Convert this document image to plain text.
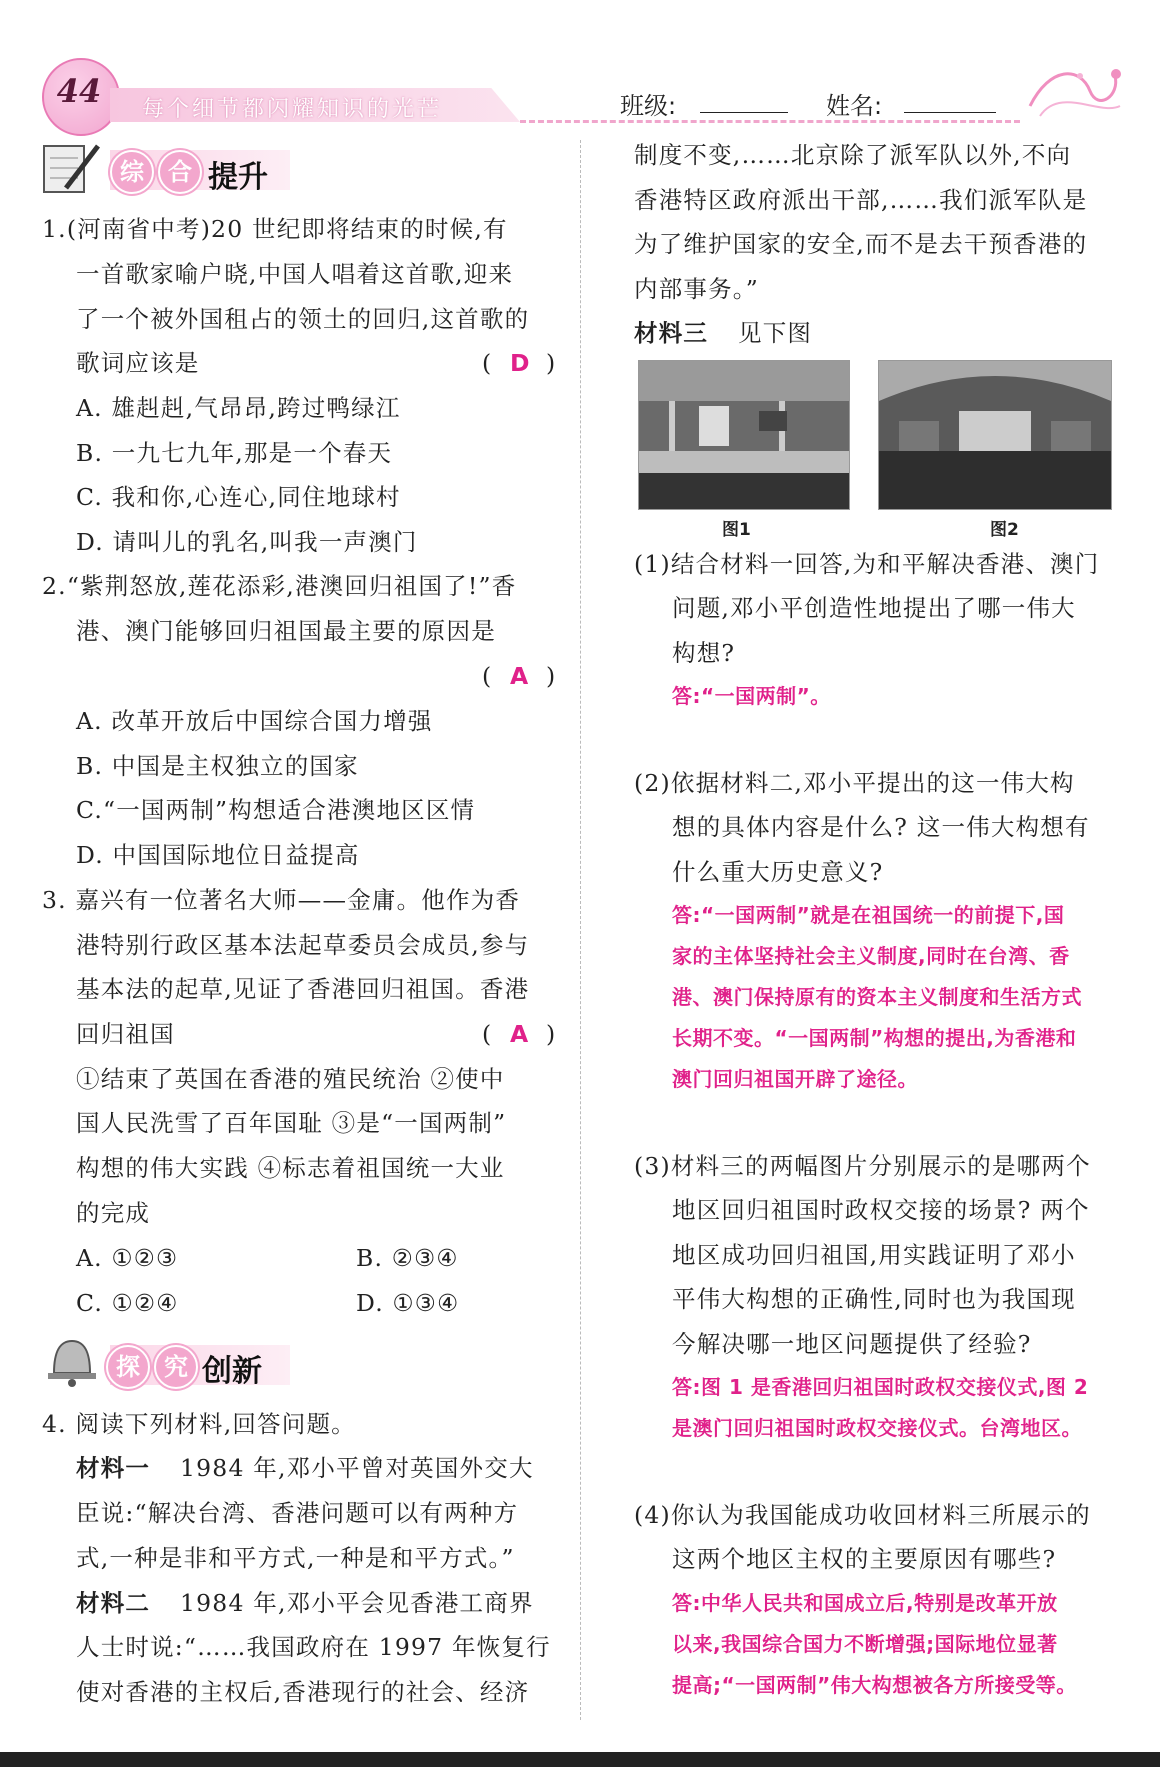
44	每个细节都闪耀知识的光芒	班级:	姓名:
综	合 提升
探	究 创新
1.(河南省中考)20 世纪即将结束的时候,有
一首歌家喻户晓,中国人唱着这首歌,迎来
了一个被外国租占的领土的回归,这首歌的
歌词应该是	( D )
A. 雄赳赳,气昂昂,跨过鸭绿江
B. 一九七九年,那是一个春天
C. 我和你,心连心,同住地球村
D. 请叫儿的乳名,叫我一声澳门
2.“紫荆怒放,莲花添彩,港澳回归祖国了!”香
港、澳门能够回归祖国最主要的原因是
( A )
A. 改革开放后中国综合国力增强
B. 中国是主权独立的国家
C.“一国两制”构想适合港澳地区区情
D. 中国国际地位日益提高
3. 嘉兴有一位著名大师——金庸。他作为香
港特别行政区基本法起草委员会成员,参与
基本法的起草,见证了香港回归祖国。香港
回归祖国	( A )
①结束了英国在香港的殖民统治 ②使中
国人民洗雪了百年国耻 ③是“一国两制”
构想的伟大实践 ④标志着祖国统一大业
的完成
A. ①②③	B. ②③④
C. ①②④	D. ①③④
4. 阅读下列材料,回答问题。
材料一 1984 年,邓小平曾对英国外交大
臣说:“解决台湾、香港问题可以有两种方
式,一种是非和平方式,一种是和平方式。”
材料二 1984 年,邓小平会见香港工商界
人士时说:“……我国政府在 1997 年恢复行
使对香港的主权后,香港现行的社会、经济
制度不变,……北京除了派军队以外,不向
香港特区政府派出干部,……我们派军队是
为了维护国家的安全,而不是去干预香港的
内部事务。”
材料三 见下图
图1	图2
(1)结合材料一回答,为和平解决香港、澳门
问题,邓小平创造性地提出了哪一伟大
构想?
答:“一国两制”。
(2)依据材料二,邓小平提出的这一伟大构
想的具体内容是什么? 这一伟大构想有
什么重大历史意义?
答:“一国两制”就是在祖国统一的前提下,国
家的主体坚持社会主义制度,同时在台湾、香
港、澳门保持原有的资本主义制度和生活方式
长期不变。“一国两制”构想的提出,为香港和
澳门回归祖国开辟了途径。
(3)材料三的两幅图片分别展示的是哪两个
地区回归祖国时政权交接的场景? 两个
地区成功回归祖国,用实践证明了邓小
平伟大构想的正确性,同时也为我国现
今解决哪一地区问题提供了经验?
答:图 1 是香港回归祖国时政权交接仪式,图 2
是澳门回归祖国时政权交接仪式。台湾地区。
(4)你认为我国能成功收回材料三所展示的
这两个地区主权的主要原因有哪些?
答:中华人民共和国成立后,特别是改革开放
以来,我国综合国力不断增强;国际地位显著
提高;“一国两制”伟大构想被各方所接受等。
